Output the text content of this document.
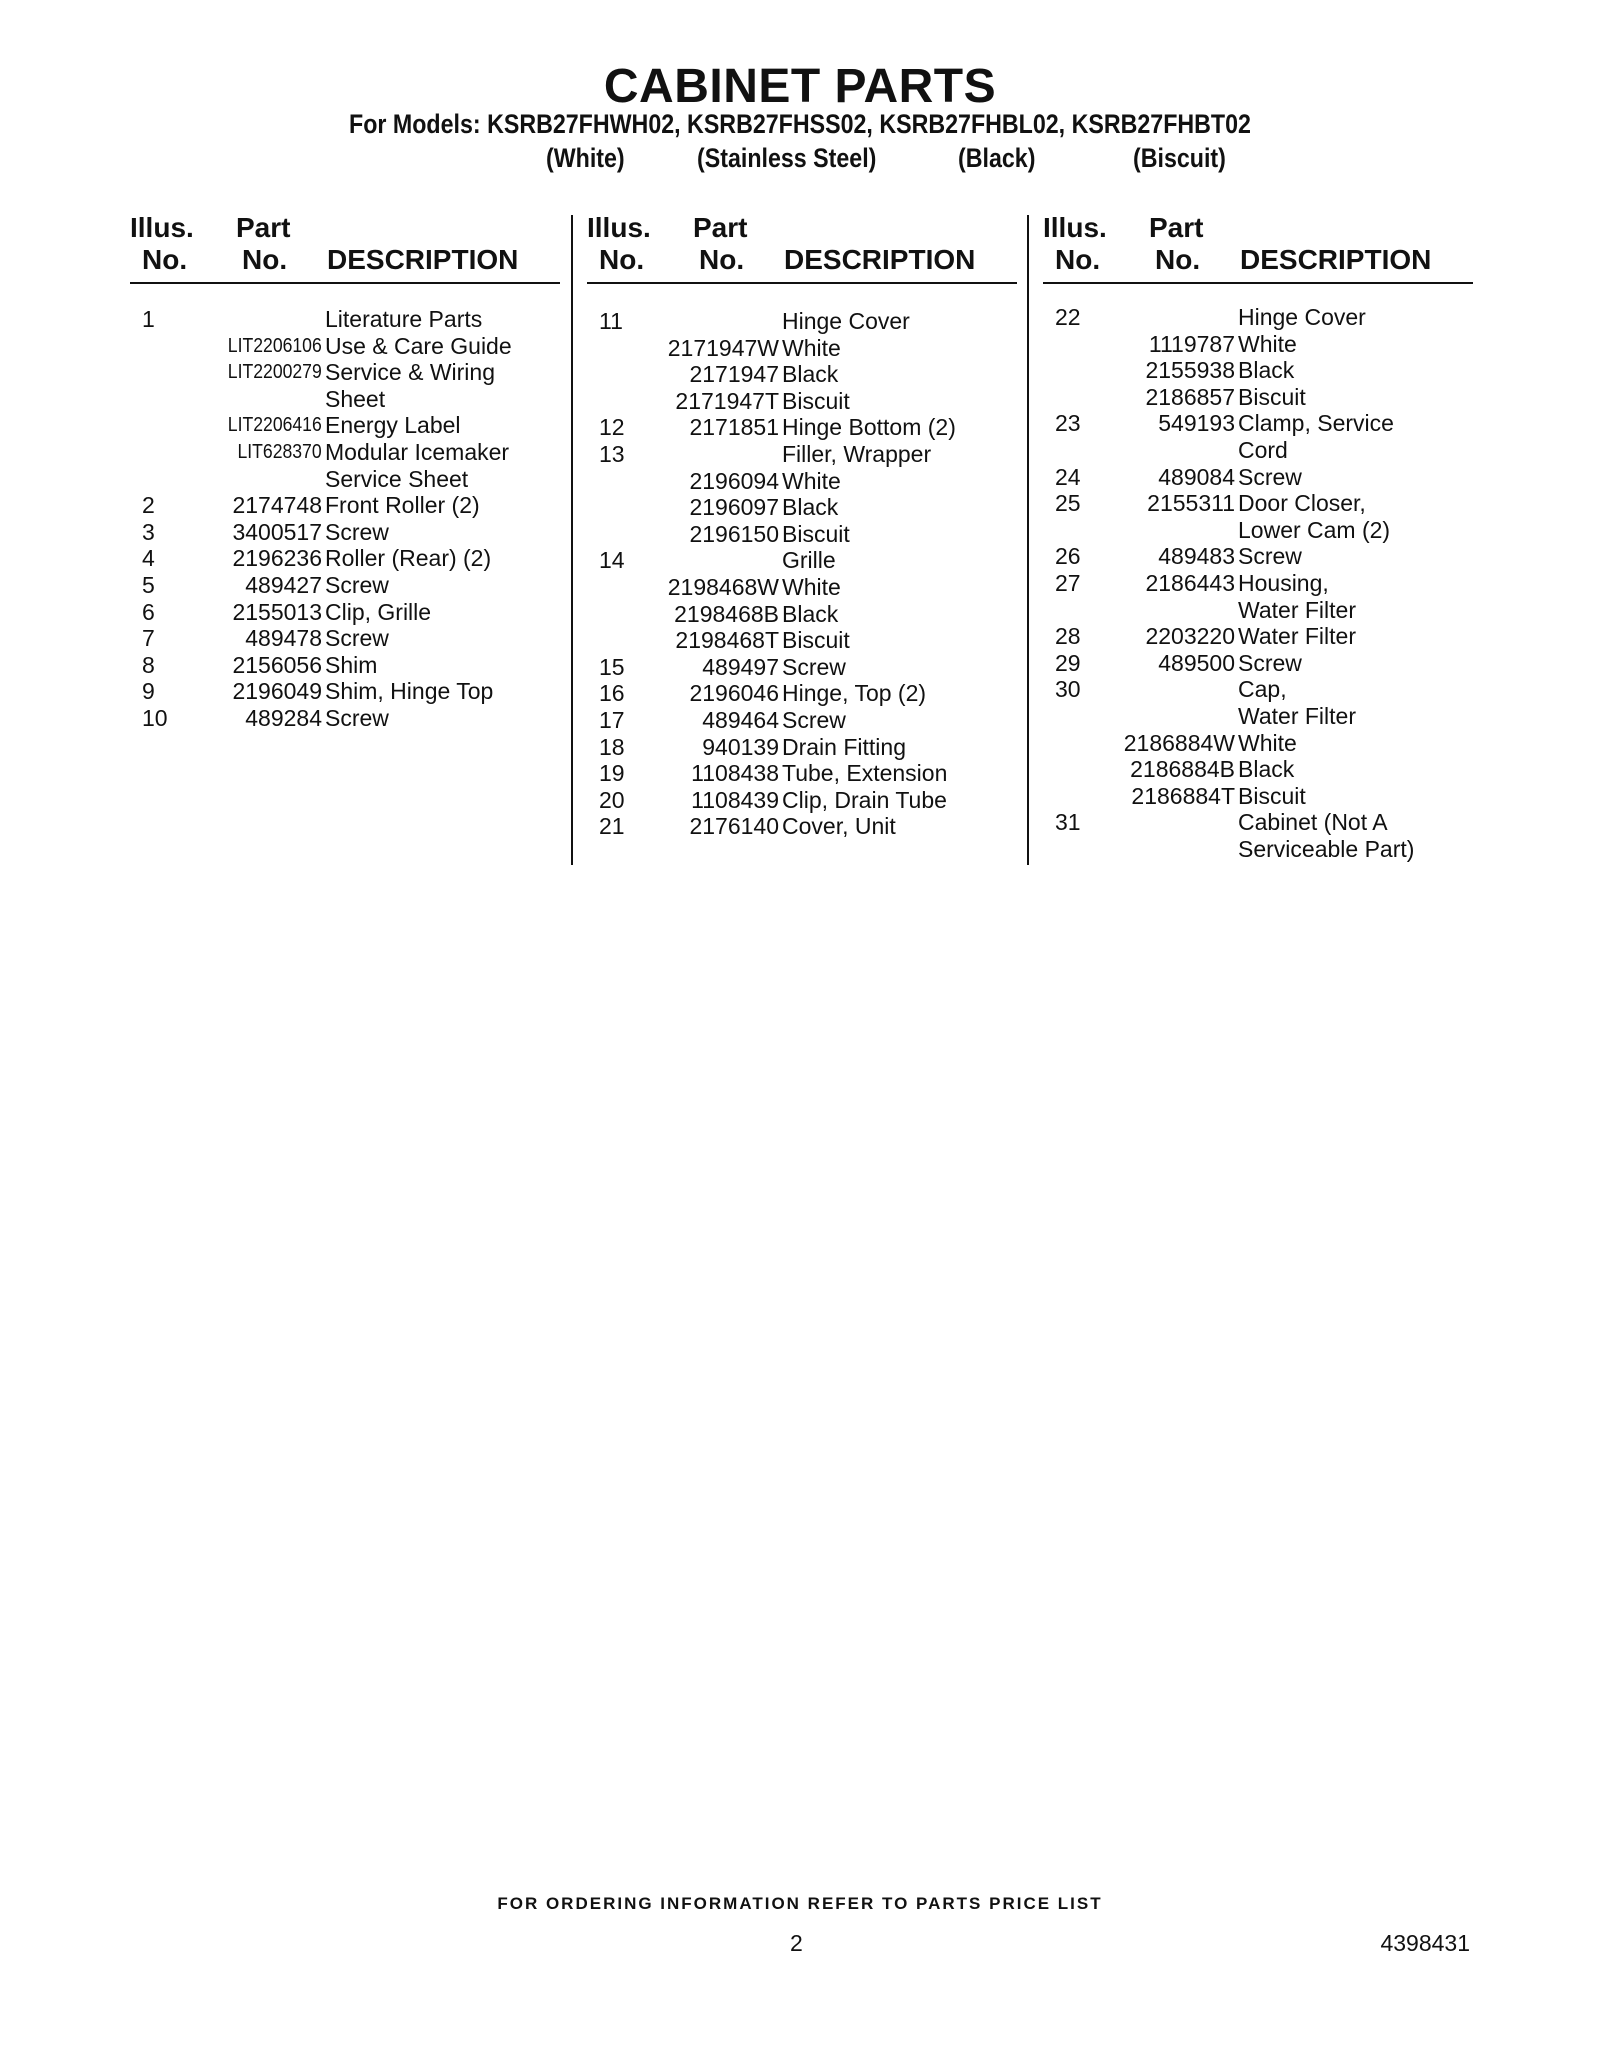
CABINET PARTS
For Models: KSRB27FHWH02, KSRB27FHSS02, KSRB27FHBL02, KSRB27FHBT02
(White)	(Stainless Steel)	(Black)	(Biscuit)
Illus.
No.
Part
No. DESCRIPTION
1	Literature Parts
LIT2206106 Use & Care Guide
LIT2200279 Service & Wiring
Sheet
LIT2206416 Energy Label
LIT628370 Modular Icemaker
Service Sheet
2	2174748 Front Roller (2)
3	3400517 Screw
4	2196236 Roller (Rear) (2)
5	489427 Screw
6	2155013 Clip, Grille
7	489478 Screw
8	2156056 Shim
9	2196049 Shim, Hinge Top
10	489284 Screw
Illus.
No.
Part
No. DESCRIPTION
11	Hinge Cover
2171947W White
2171947 Black
2171947T Biscuit
12	2171851 Hinge Bottom (2)
13	Filler, Wrapper
2196094 White
2196097 Black
2196150 Biscuit
14	Grille
2198468W White
2198468B Black
2198468T Biscuit
15	489497 Screw
16	2196046 Hinge, Top (2)
17	489464 Screw
18	940139 Drain Fitting
19	1108438 Tube, Extension
20	1108439 Clip, Drain Tube
21	2176140 Cover, Unit
Illus.
No.
Part
No. DESCRIPTION
22	Hinge Cover
1119787 White
2155938 Black
2186857 Biscuit
23	549193 Clamp, Service
Cord
24	489084 Screw
25	2155311 Door Closer,
Lower Cam (2)
26	489483 Screw
27	2186443 Housing,
Water Filter
28	2203220 Water Filter
29	489500 Screw
30	Cap,
Water Filter
2186884W White
2186884B Black
2186884T Biscuit
31	Cabinet (Not A
Serviceable Part)
FOR ORDERING INFORMATION REFER TO PARTS PRICE LIST
2	4398431
